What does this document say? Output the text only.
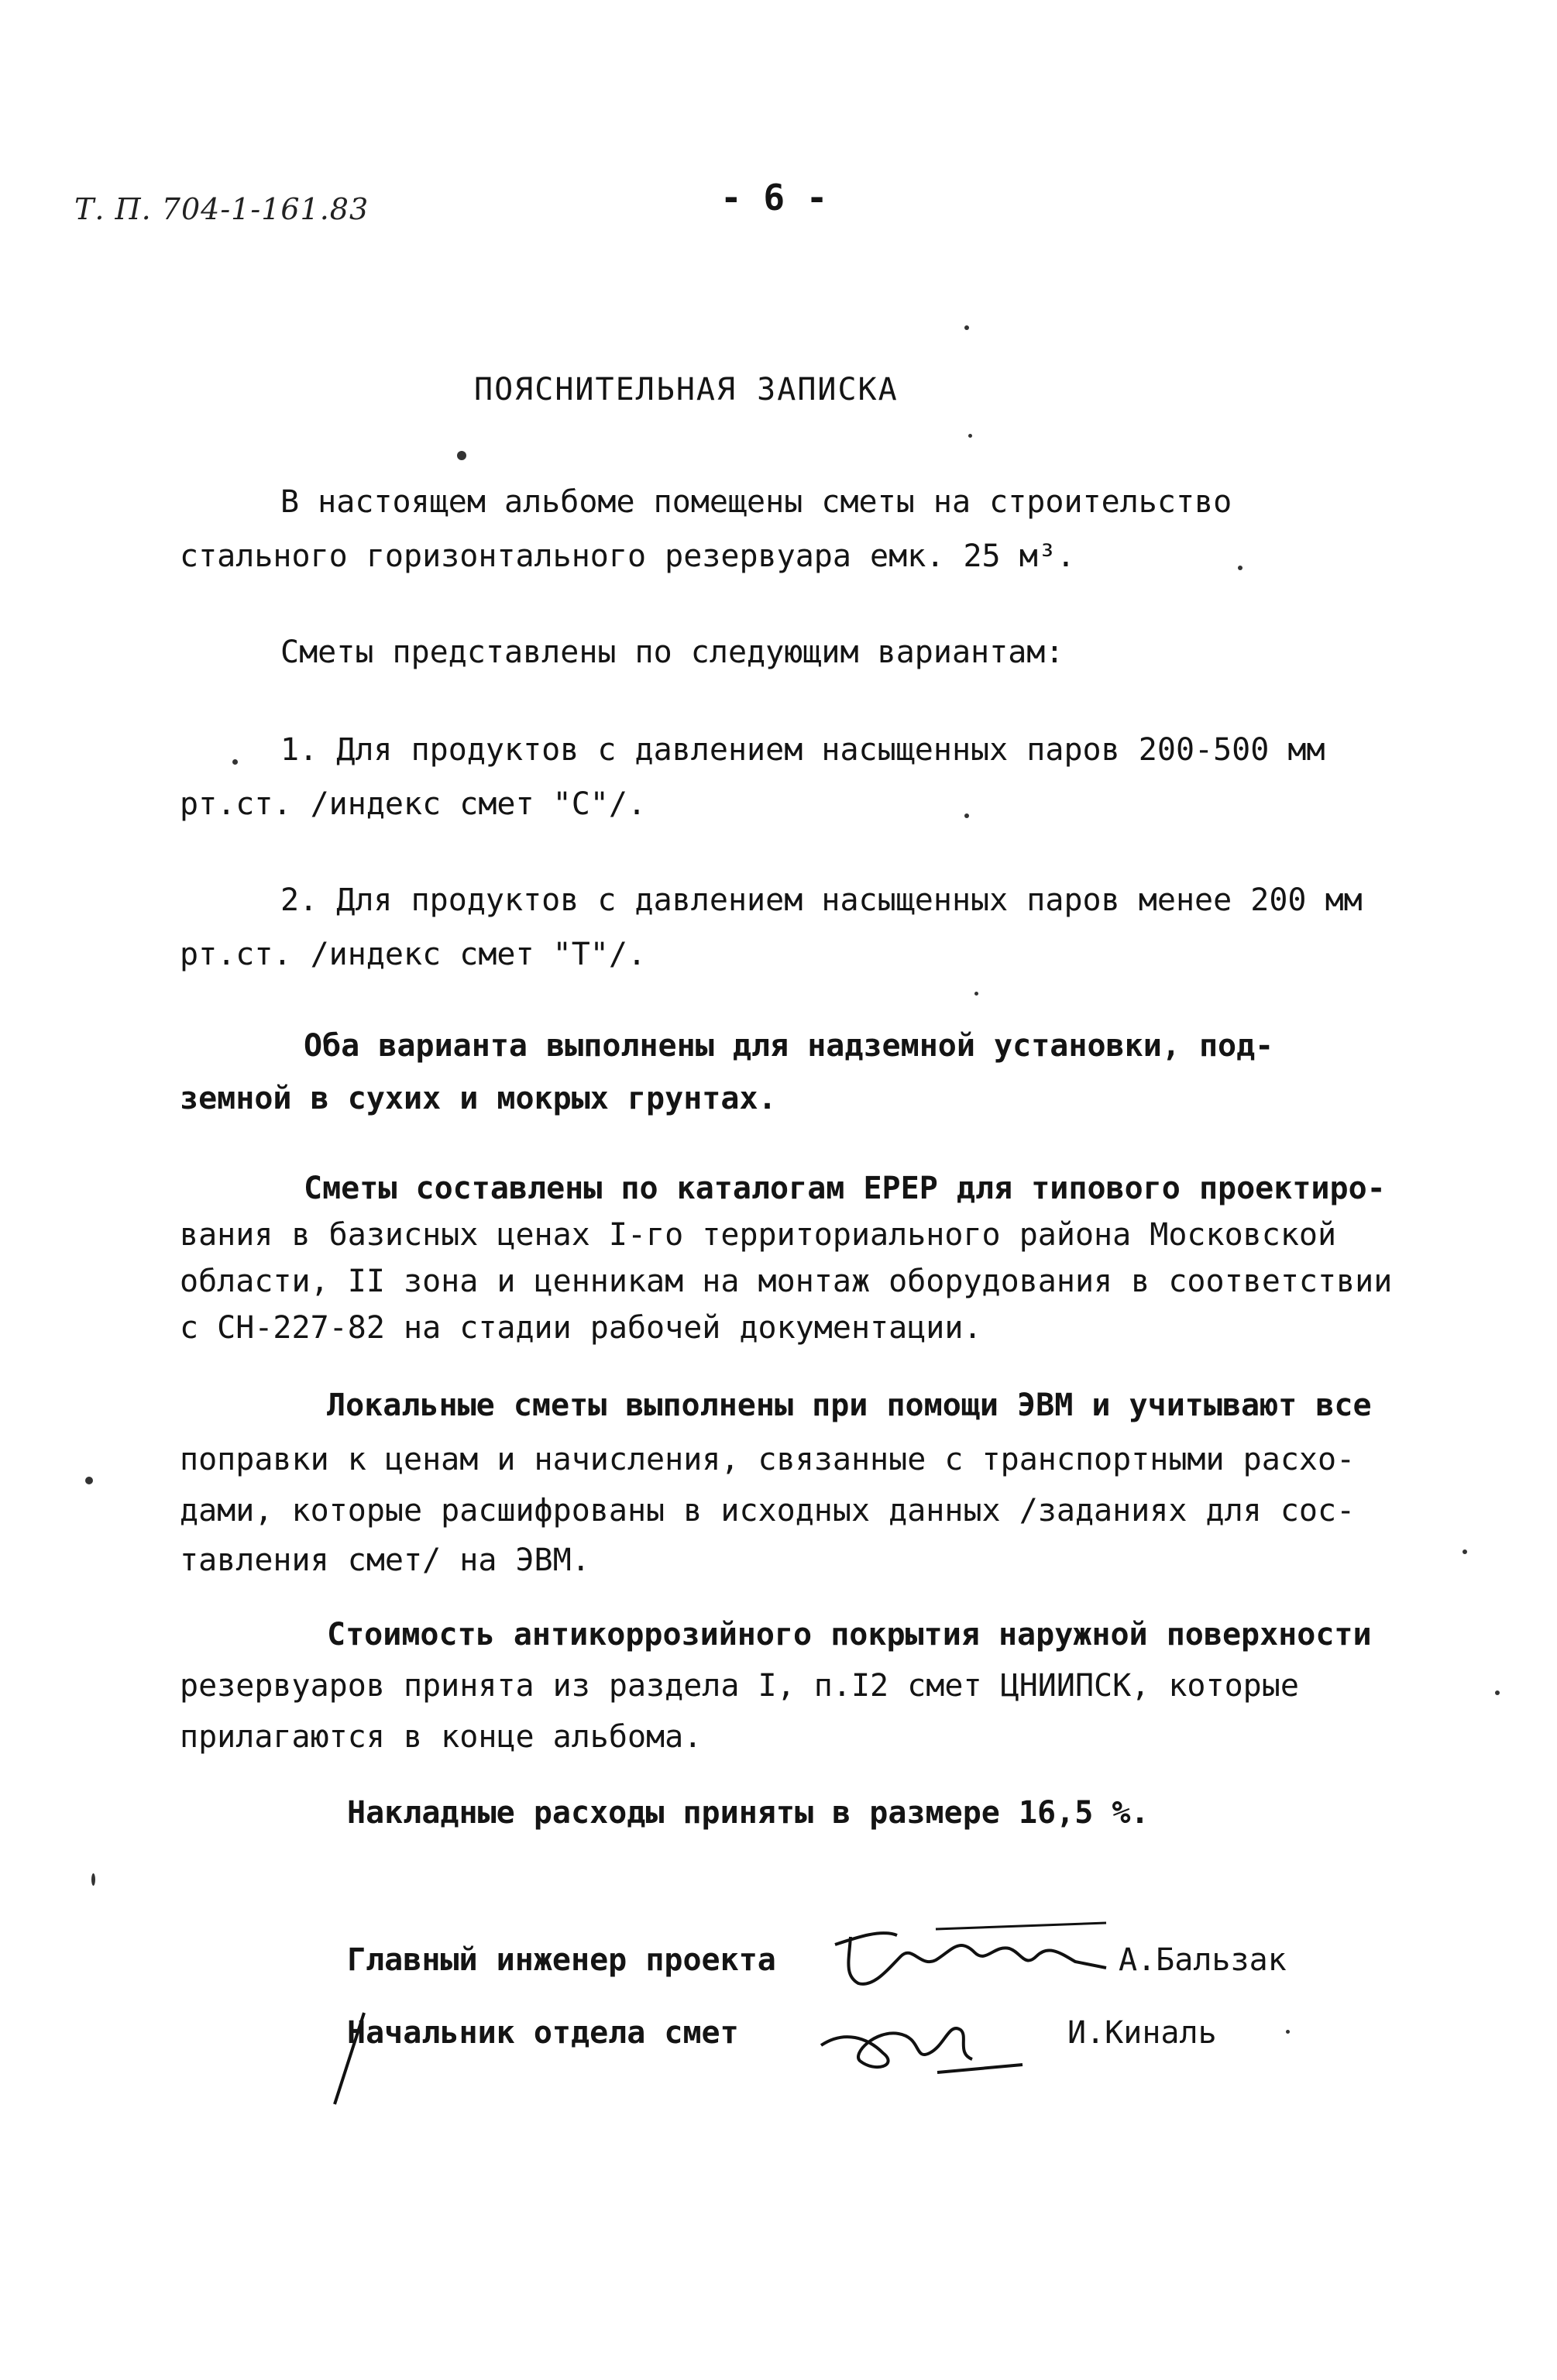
Т. П. 704-1-161.83	- 6 -
ПОЯСНИТЕЛЬНАЯ ЗАПИСКА
В настоящем альбоме помещены сметы на строительство
стального горизонтального резервуара емк. 25 м³.
Сметы представлены по следующим вариантам:
1. Для продуктов с давлением насыщенных паров 200-500 мм
рт.ст. /индекс смет "С"/.
2. Для продуктов с давлением насыщенных паров менее 200 мм
рт.ст. /индекс смет "Т"/.
Оба варианта выполнены для надземной установки, под-
земной в сухих и мокрых грунтах.
Сметы составлены по каталогам ЕРЕР для типового проектиро-
вания в базисных ценах I-го территориального района Московской
области, II зона и ценникам на монтаж оборудования в соответствии
с СН-227-82 на стадии рабочей документации.
Локальные сметы выполнены при помощи ЭВМ и учитывают все
поправки к ценам и начисления, связанные с транспортными расхо-
дами, которые расшифрованы в исходных данных /заданиях для сос-
тавления смет/ на ЭВМ.
Стоимость антикоррозийного покрытия наружной поверхности
резервуаров принята из раздела I, п.I2 смет ЦНИИПСК, которые
прилагаются в конце альбома.
Накладные расходы приняты в размере 16,5 %.
Главный инженер проекта	А.Бальзак
Начальник отдела смет	И.Киналь
